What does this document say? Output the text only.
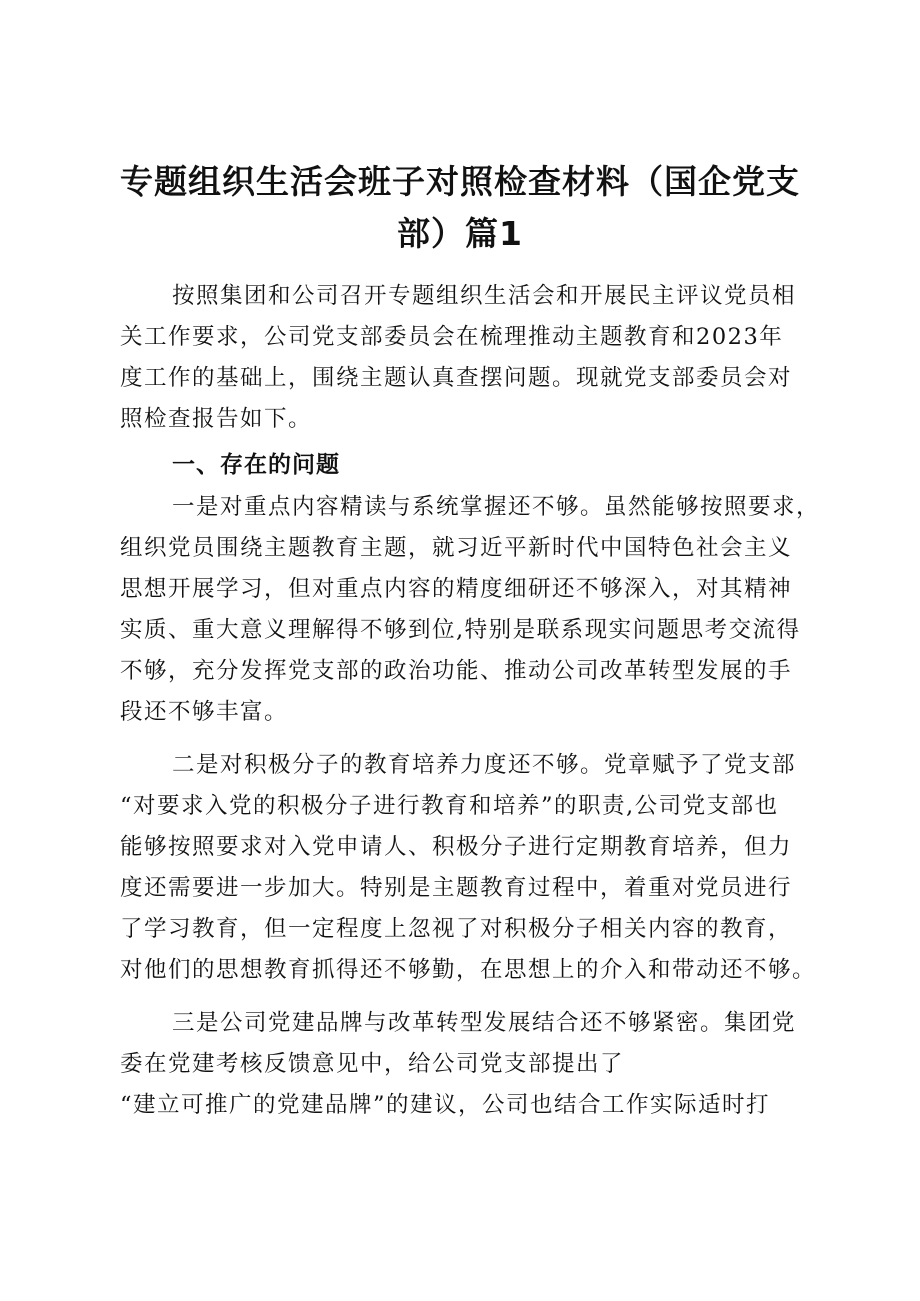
专题组织生活会班子对照检查材料（国企党支
部）篇1

按照集团和公司召开专题组织生活会和开展民主评议党员相
关工作要求，公司党支部委员会在梳理推动主题教育和2023年
度工作的基础上，围绕主题认真查摆问题。现就党支部委员会对
照检查报告如下。

一、存在的问题

一是对重点内容精读与系统掌握还不够。虽然能够按照要求，
组织党员围绕主题教育主题，就习近平新时代中国特色社会主义
思想开展学习，但对重点内容的精度细研还不够深入，对其精神
实质、重大意义理解得不够到位,特别是联系现实问题思考交流得
不够，充分发挥党支部的政治功能、推动公司改革转型发展的手
段还不够丰富。

二是对积极分子的教育培养力度还不够。党章赋予了党支部
“对要求入党的积极分子进行教育和培养”的职责,公司党支部也
能够按照要求对入党申请人、积极分子进行定期教育培养，但力
度还需要进一步加大。特别是主题教育过程中，着重对党员进行
了学习教育，但一定程度上忽视了对积极分子相关内容的教育，
对他们的思想教育抓得还不够勤，在思想上的介入和带动还不够。

三是公司党建品牌与改革转型发展结合还不够紧密。集团党
委在党建考核反馈意见中，给公司党支部提出了
“建立可推广的党建品牌”的建议，公司也结合工作实际适时打
